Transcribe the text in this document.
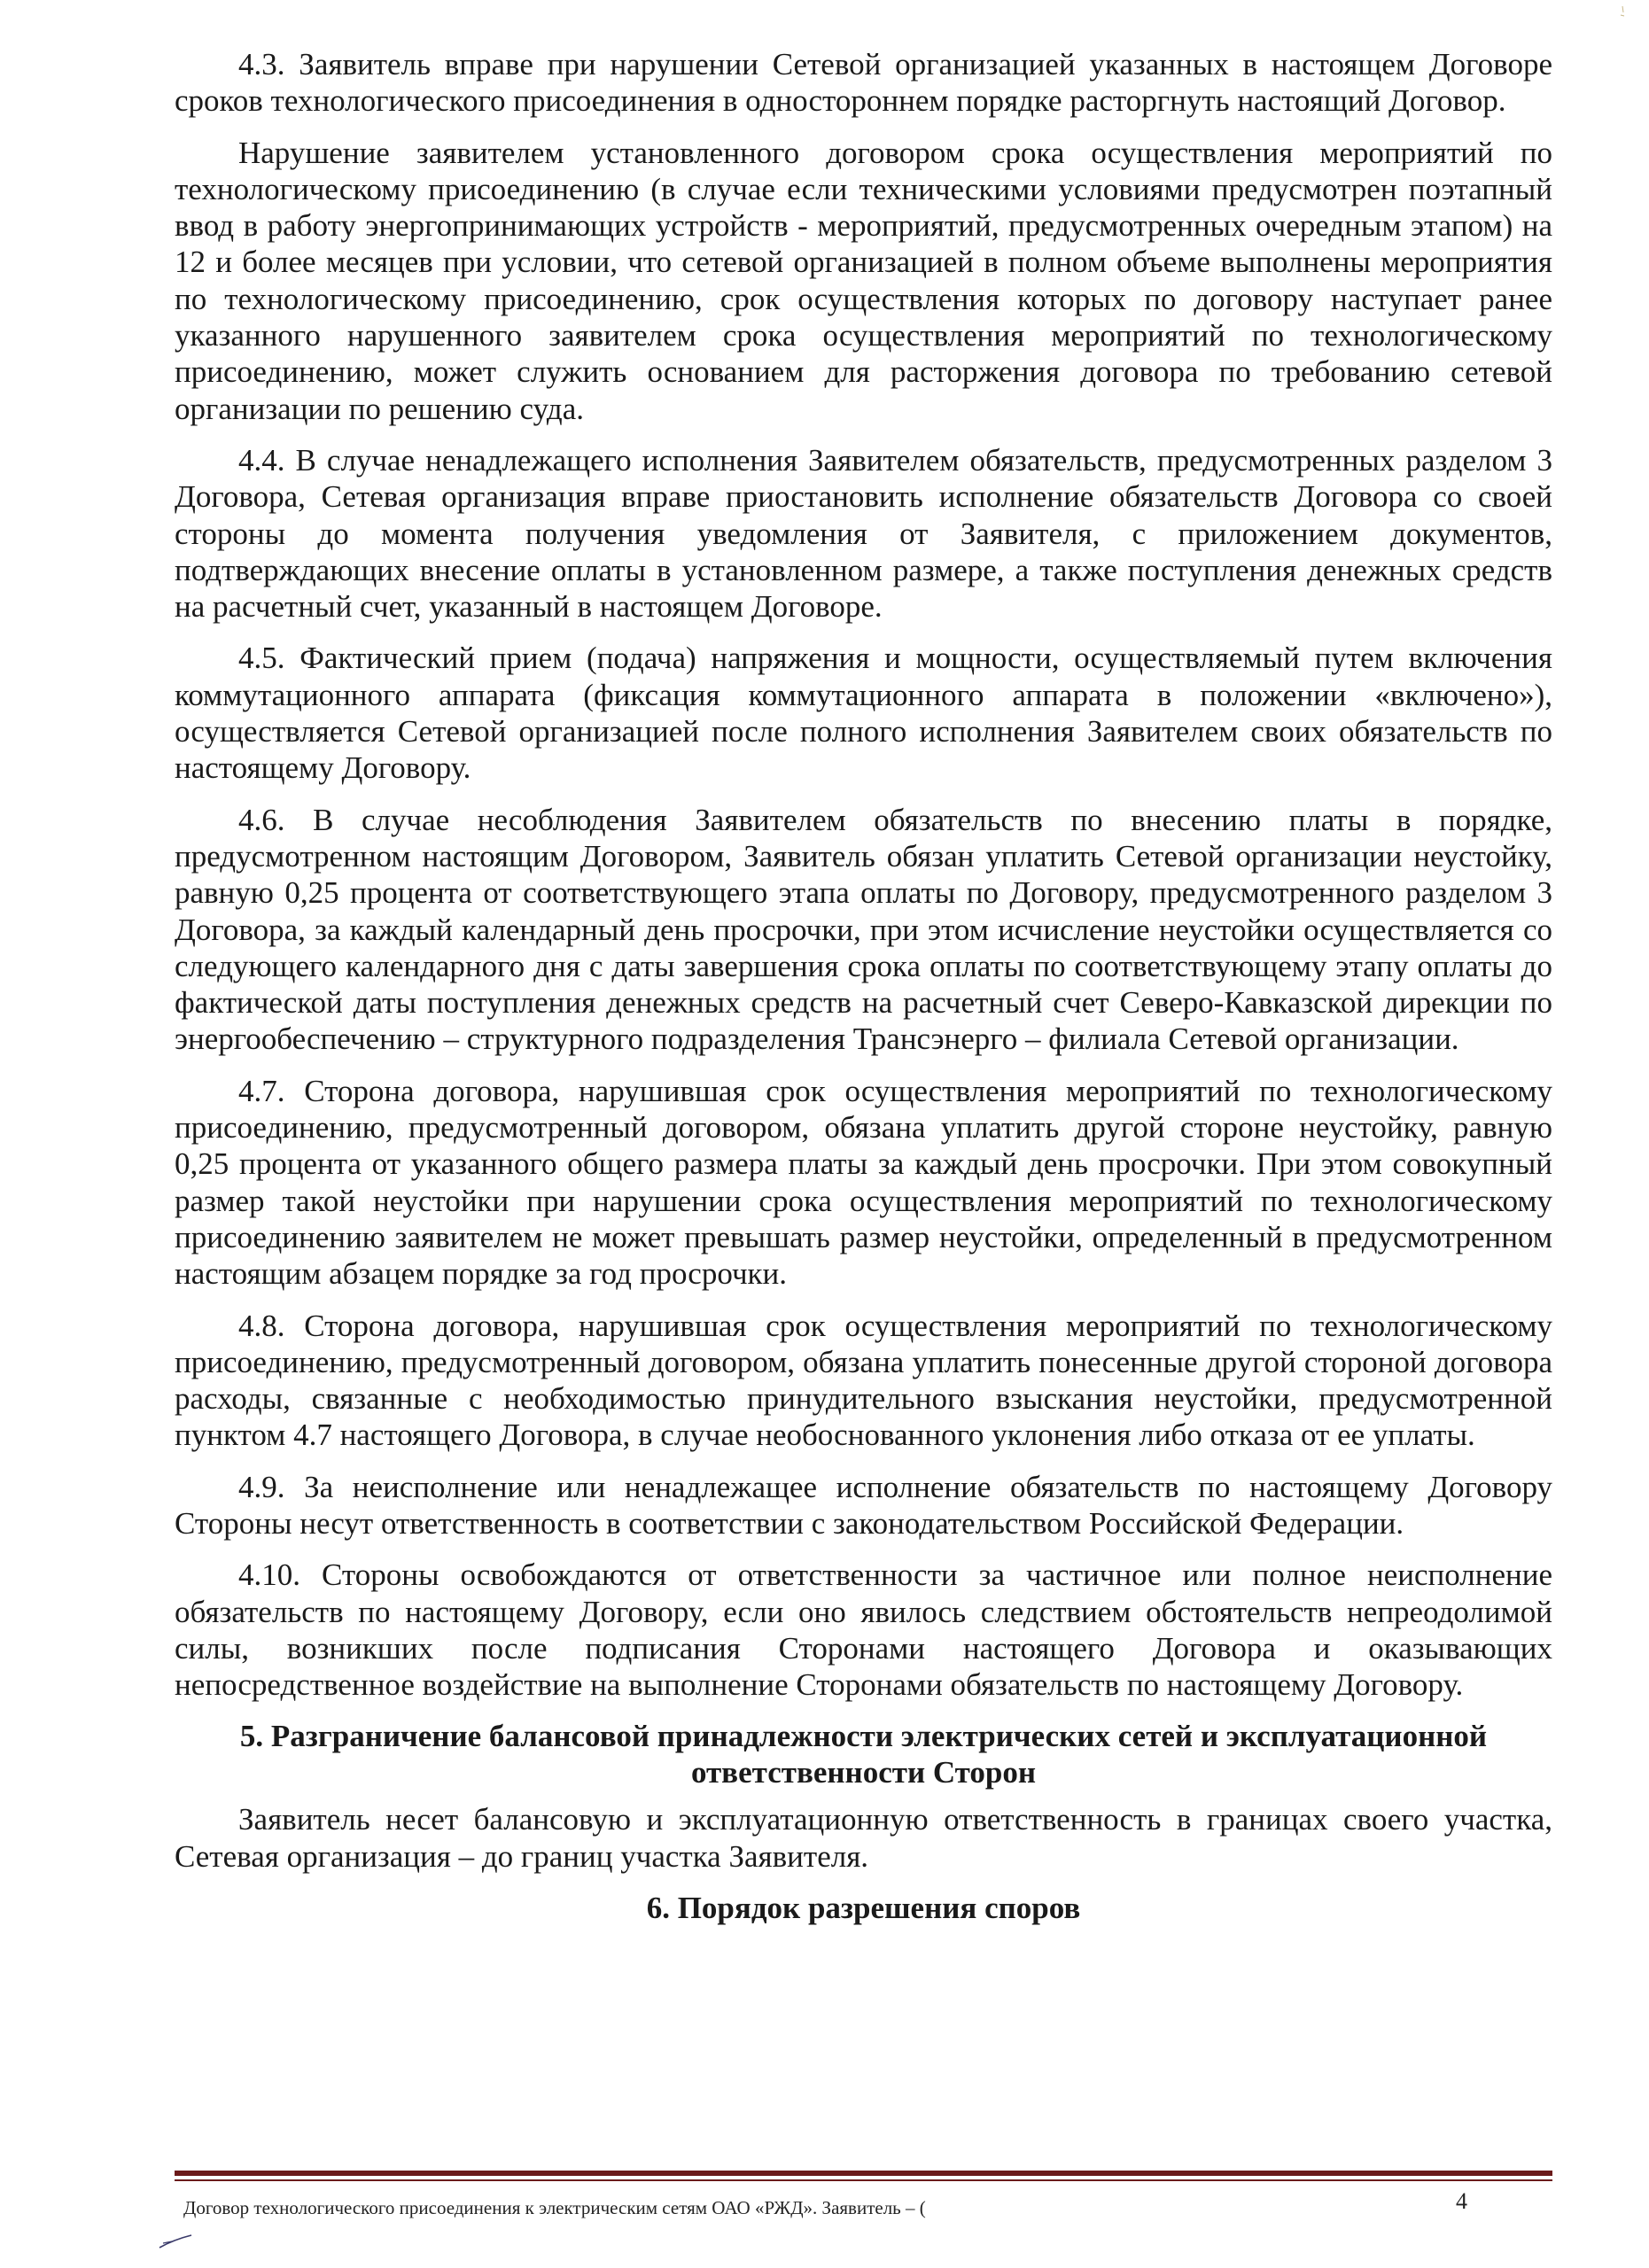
4.3. Заявитель вправе при нарушении Сетевой организацией указанных в настоящем Договоре сроков технологического присоединения в одностороннем порядке расторгнуть настоящий Договор.

Нарушение заявителем установленного договором срока осуществления мероприятий по технологическому присоединению (в случае если техническими условиями предусмотрен поэтапный ввод в работу энергопринимающих устройств - мероприятий, предусмотренных очередным этапом) на 12 и более месяцев при условии, что сетевой организацией в полном объеме выполнены мероприятия по технологическому присоединению, срок осуществления которых по договору наступает ранее указанного нарушенного заявителем срока осуществления мероприятий по технологическому присоединению, может служить основанием для расторжения договора по требованию сетевой организации по решению суда.

4.4. В случае ненадлежащего исполнения Заявителем обязательств, предусмотренных разделом 3 Договора, Сетевая организация вправе приостановить исполнение обязательств Договора со своей стороны до момента получения уведомления от Заявителя, с приложением документов, подтверждающих внесение оплаты в установленном размере, а также поступления денежных средств на расчетный счет, указанный в настоящем Договоре.

4.5. Фактический прием (подача) напряжения и мощности, осуществляемый путем включения коммутационного аппарата (фиксация коммутационного аппарата в положении «включено»), осуществляется Сетевой организацией после полного исполнения Заявителем своих обязательств по настоящему Договору.

4.6. В случае несоблюдения Заявителем обязательств по внесению платы в порядке, предусмотренном настоящим Договором, Заявитель обязан уплатить Сетевой организации неустойку, равную 0,25 процента от соответствующего этапа оплаты по Договору, предусмотренного разделом 3 Договора, за каждый календарный день просрочки, при этом исчисление неустойки осуществляется со следующего календарного дня с даты завершения срока оплаты по соответствующему этапу оплаты до фактической даты поступления денежных средств на расчетный счет Северо-Кавказской дирекции по энергообеспечению – структурного подразделения Трансэнерго – филиала Сетевой организации.

4.7. Сторона договора, нарушившая срок осуществления мероприятий по технологическому присоединению, предусмотренный договором, обязана уплатить другой стороне неустойку, равную 0,25 процента от указанного общего размера платы за каждый день просрочки. При этом совокупный размер такой неустойки при нарушении срока осуществления мероприятий по технологическому присоединению заявителем не может превышать размер неустойки, определенный в предусмотренном настоящим абзацем порядке за год просрочки.

4.8. Сторона договора, нарушившая срок осуществления мероприятий по технологическому присоединению, предусмотренный договором, обязана уплатить понесенные другой стороной договора расходы, связанные с необходимостью принудительного взыскания неустойки, предусмотренной пунктом 4.7 настоящего Договора, в случае необоснованного уклонения либо отказа от ее уплаты.

4.9. За неисполнение или ненадлежащее исполнение обязательств по настоящему Договору Стороны несут ответственность в соответствии с законодательством Российской Федерации.

4.10. Стороны освобождаются от ответственности за частичное или полное неисполнение обязательств по настоящему Договору, если оно явилось следствием обстоятельств непреодолимой силы, возникших после подписания Сторонами настоящего Договора и оказывающих непосредственное воздействие на выполнение Сторонами обязательств по настоящему Договору.

5. Разграничение балансовой принадлежности электрических сетей и эксплуатационной ответственности Сторон

Заявитель несет балансовую и эксплуатационную ответственность в границах своего участка, Сетевая организация – до границ участка Заявителя.

6. Порядок разрешения споров
Договор технологического присоединения к электрическим сетям ОАО «РЖД». Заявитель – (	4
